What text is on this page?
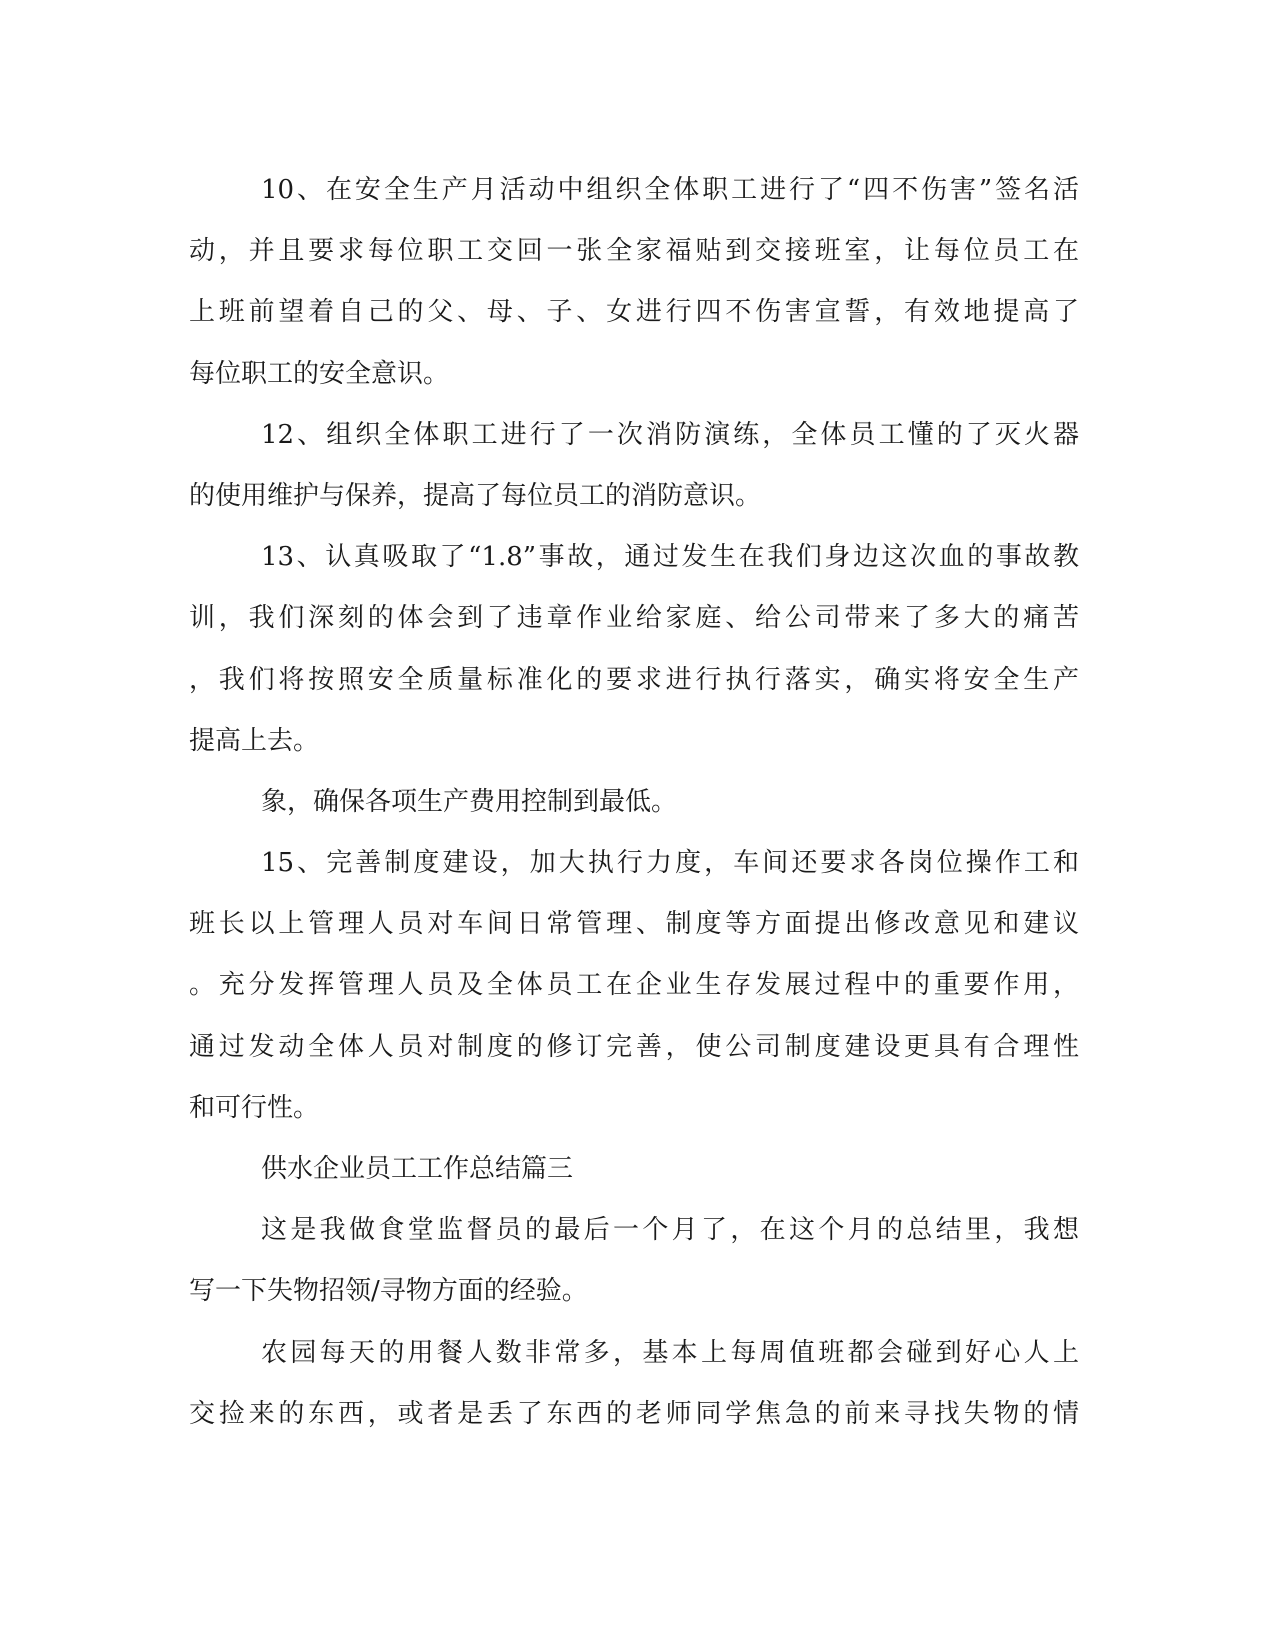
10、在安全生产月活动中组织全体职工进行了“四不伤害”签名活
动，并且要求每位职工交回一张全家福贴到交接班室，让每位员工在
上班前望着自己的父、母、子、女进行四不伤害宣誓，有效地提高了
每位职工的安全意识。
12、组织全体职工进行了一次消防演练，全体员工懂的了灭火器
的使用维护与保养，提高了每位员工的消防意识。
13、认真吸取了“1.8”事故，通过发生在我们身边这次血的事故教
训，我们深刻的体会到了违章作业给家庭、给公司带来了多大的痛苦
，我们将按照安全质量标准化的要求进行执行落实，确实将安全生产
提高上去。
象，确保各项生产费用控制到最低。
15、完善制度建设，加大执行力度，车间还要求各岗位操作工和
班长以上管理人员对车间日常管理、制度等方面提出修改意见和建议
。充分发挥管理人员及全体员工在企业生存发展过程中的重要作用，
通过发动全体人员对制度的修订完善，使公司制度建设更具有合理性
和可行性。
供水企业员工工作总结篇三
这是我做食堂监督员的最后一个月了，在这个月的总结里，我想
写一下失物招领/寻物方面的经验。
农园每天的用餐人数非常多，基本上每周值班都会碰到好心人上
交捡来的东西，或者是丢了东西的老师同学焦急的前来寻找失物的情
